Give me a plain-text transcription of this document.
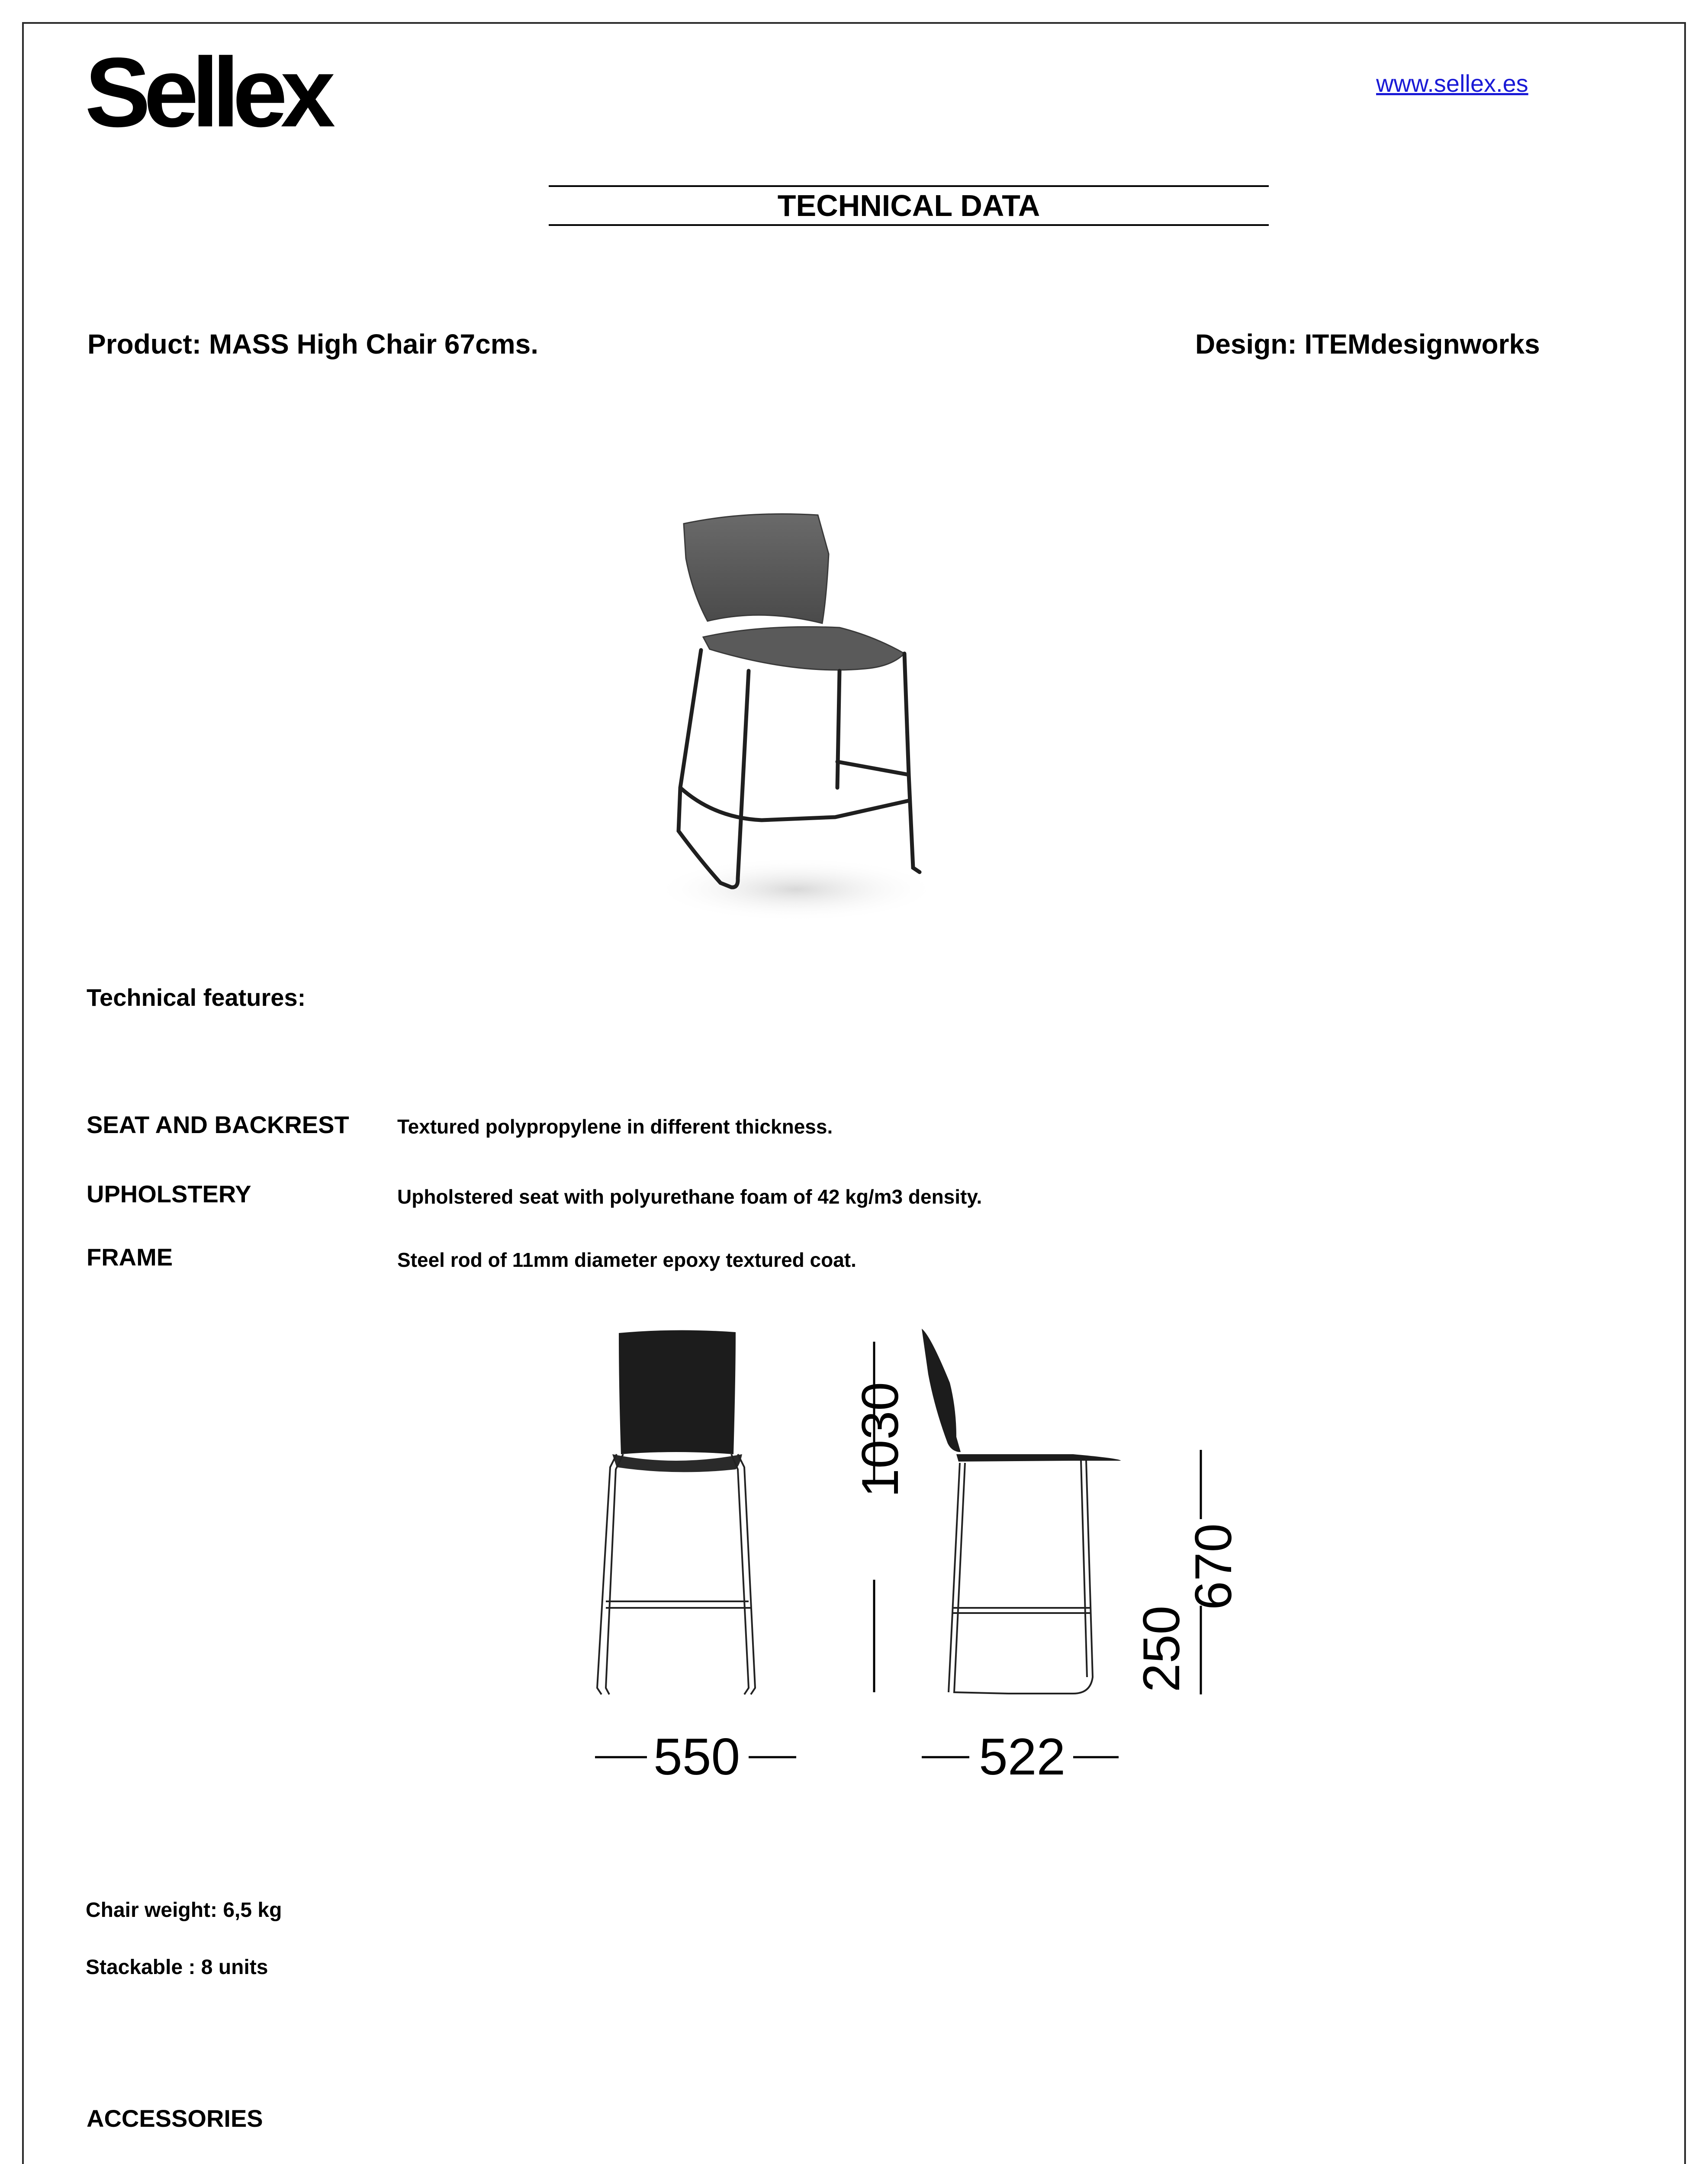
Sellex	www.sellex.es
TECHNICAL DATA
Product: MASS High Chair 67cms.	Design: ITEMdesignworks
Technical features:
SEAT AND BACKREST Textured polypropylene in different thickness.
UPHOLSTERY	Upholstered seat with polyurethane foam of 42 kg/m3 density.
FRAME	Steel rod of 11mm diameter epoxy textured coat.
1030
670
250
550	522
Chair weight: 6,5 kg
Stackable : 8 units
ACCESSORIES
